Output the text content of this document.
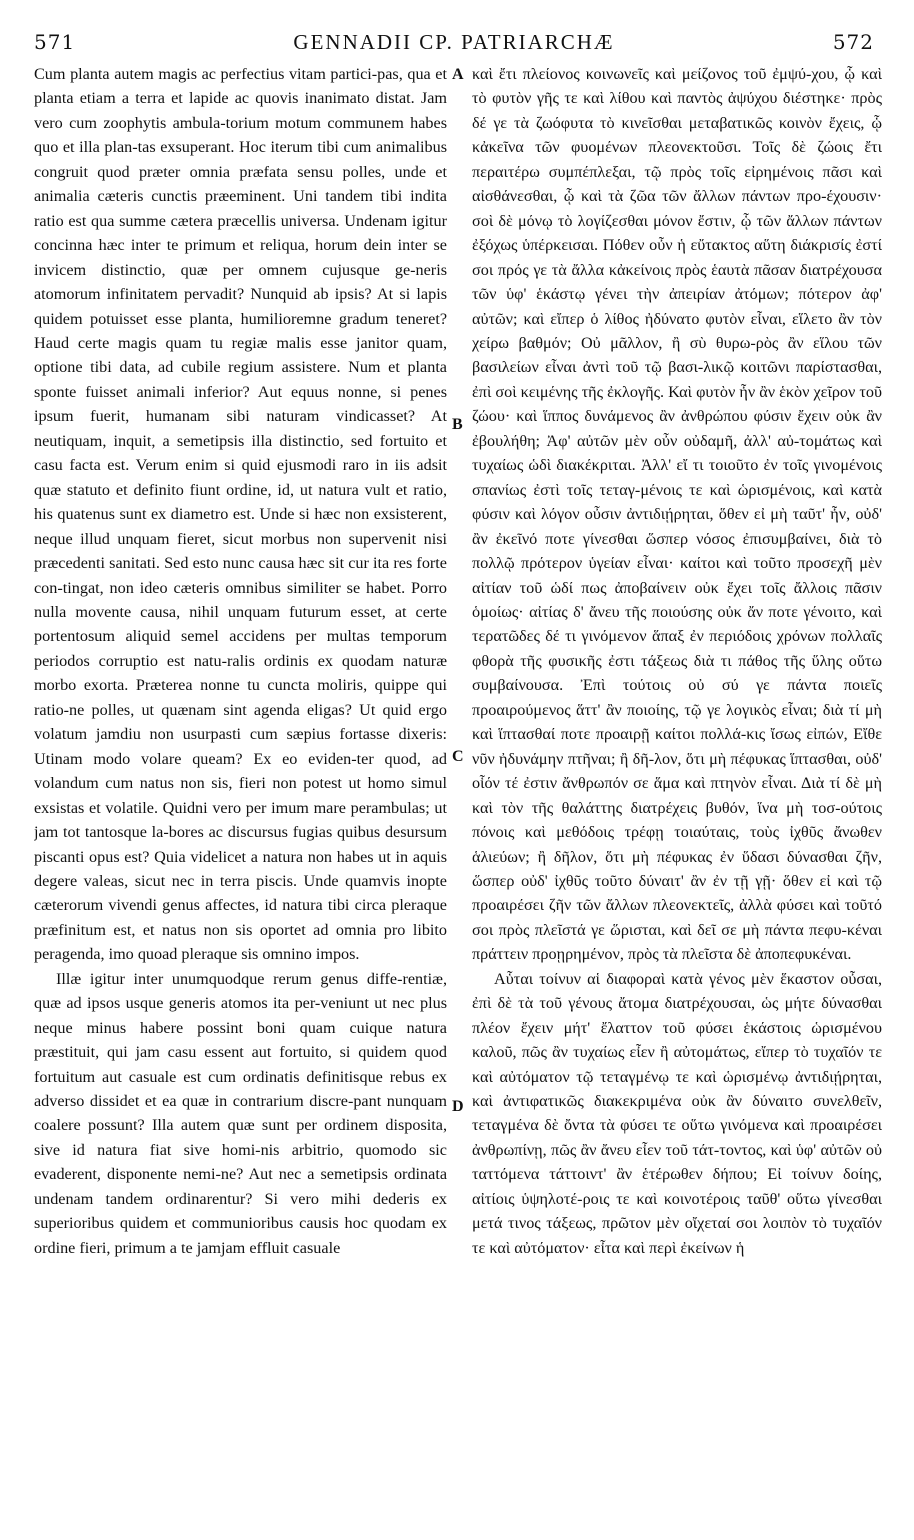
571	GENNADII CP. PATRIARCHÆ	572

Cum planta autem magis ac perfectius vitam partici-pas, qua et planta etiam a terra et lapide ac quovis inanimato distat. Jam vero cum zoophytis ambula-torium motum communem habes quo et illa plan-tas exsuperant. Hoc iterum tibi cum animalibus congruit quod præter omnia præfata sensu polles, unde et animalia cæteris cunctis præeminent. Uni tandem tibi indita ratio est qua summe cætera præcellis universa. Undenam igitur concinna hæc inter te primum et reliqua, horum dein inter se invicem distinctio, quæ per omnem cujusque ge-neris atomorum infinitatem pervadit? Nunquid ab ipsis? At si lapis quidem potuisset esse planta, humilioremne gradum teneret? Haud certe magis quam tu regiæ malis esse janitor quam, optione tibi data, ad cubile regium assistere. Num et planta sponte fuisset animali inferior? Aut equus nonne, si penes ipsum fuerit, humanam sibi naturam vindicasset? At neutiquam, inquit, a semetipsis illa distinctio, sed fortuito et casu facta est. Verum enim si quid ejusmodi raro in iis adsit quæ statuto et definito fiunt ordine, id, ut natura vult et ratio, his quatenus sunt ex diametro est. Unde si hæc non exsisterent, neque illud unquam fieret, sicut morbus non supervenit nisi præcedenti sanitati. Sed esto nunc causa hæc sit cur ita res forte con-tingat, non ideo cæteris omnibus similiter se habet. Porro nulla movente causa, nihil unquam futurum esset, at certe portentosum aliquid semel accidens per multas temporum periodos corruptio est natu-ralis ordinis ex quodam naturæ morbo exorta. Præterea nonne tu cuncta moliris, quippe qui ratio-ne polles, ut quænam sint agenda eligas? Ut quid ergo volatum jamdiu non usurpasti cum sæpius fortasse dixeris: Utinam modo volare queam? Ex eo eviden-ter quod, ad volandum cum natus non sis, fieri non potest ut homo simul exsistas et volatile. Quidni vero per imum mare perambulas; ut jam tot tantosque la-bores ac discursus fugias quibus desursum piscanti opus est? Quia videlicet a natura non habes ut in aquis degere valeas, sicut nec in terra piscis. Unde quamvis inopte cæterorum vivendi genus affectes, id natura tibi circa pleraque præfinitum est, et natus non sis oportet ad omnia pro libito peragenda, imo quoad pleraque sis omnino impos.

Illæ igitur inter unumquodque rerum genus diffe-rentiæ, quæ ad ipsos usque generis atomos ita per-veniunt ut nec plus neque minus habere possint boni quam cuique natura præstituit, qui jam casu essent aut fortuito, si quidem quod fortuitum aut casuale est cum ordinatis definitisque rebus ex adverso dissidet et ea quæ in contrarium discre-pant nunquam coalere possunt? Illa autem quæ sunt per ordinem disposita, sive id natura fiat sive homi-nis arbitrio, quomodo sic evaderent, disponente nemi-ne? Aut nec a semetipsis ordinata undenam tandem ordinarentur? Si vero mihi dederis ex superioribus quidem et communioribus causis hoc quodam ex ordine fieri, primum a te jamjam effluit casuale

καὶ ἔτι πλείονος κοινωνεῖς καὶ μείζονος τοῦ ἐμψύ-χου, ᾧ καὶ τὸ φυτὸν γῆς τε καὶ λίθου καὶ παντὸς ἀψύχου διέστηκε· πρὸς δέ γε τὰ ζωόφυτα τὸ κινεῖσθαι μεταβατικῶς κοινὸν ἔχεις, ᾧ κἀκεῖνα τῶν φυομένων πλεονεκτοῦσι. Τοῖς δὲ ζώοις ἔτι περαιτέρω συμπέπλεξαι, τῷ πρὸς τοῖς εἰρημένοις πᾶσι καὶ αἰσθάνεσθαι, ᾧ καὶ τὰ ζῶα τῶν ἄλλων πάντων προ-έχουσιν· σοὶ δὲ μόνῳ τὸ λογίζεσθαι μόνον ἔστιν, ᾧ τῶν ἄλλων πάντων ἐξόχως ὑπέρκεισαι. Πόθεν οὖν ἡ εὔτακτος αὕτη διάκρισίς ἐστί σοι πρός γε τὰ ἄλλα κἀκείνοις πρὸς ἑαυτὰ πᾶσαν διατρέχουσα τῶν ὑφ' ἑκάστῳ γένει τὴν ἀπειρίαν ἀτόμων; πότερον ἀφ' αὐτῶν; καὶ εἴπερ ὁ λίθος ἠδύνατο φυτὸν εἶναι, εἵλετο ἂν τὸν χείρω βαθμόν; Οὐ μᾶλλον, ἢ σὺ θυρω-ρὸς ἂν εἵλου τῶν βασιλείων εἶναι ἀντὶ τοῦ τῷ βασι-λικῷ κοιτῶνι παρίστασθαι, ἐπὶ σοὶ κειμένης τῆς ἐκλογῆς. Καὶ φυτὸν ἦν ἂν ἑκὸν χεῖρον τοῦ ζώου· καὶ ἵππος δυνάμενος ἂν ἀνθρώπου φύσιν ἔχειν οὐκ ἂν ἐβουλήθη; Ἀφ' αὐτῶν μὲν οὖν οὐδαμῆ, ἀλλ' αὐ-τομάτως καὶ τυχαίως ὡδὶ διακέκριται. Ἀλλ' εἴ τι τοιοῦτο ἐν τοῖς γινομένοις σπανίως ἐστὶ τοῖς τεταγ-μένοις τε καὶ ὡρισμένοις, καὶ κατὰ φύσιν καὶ λόγον οὖσιν ἀντιδιῄρηται, ὅθεν εἰ μὴ ταῦτ' ἦν, οὐδ' ἂν ἐκεῖνό ποτε γίνεσθαι ὥσπερ νόσος ἐπισυμβαίνει, διὰ τὸ πολλῷ πρότερον ὑγείαν εἶναι· καίτοι καὶ τοῦτο προσεχῆ μὲν αἰτίαν τοῦ ὡδί πως ἀποβαίνειν οὐκ ἔχει τοῖς ἄλλοις πᾶσιν ὁμοίως· αἰτίας δ' ἄνευ τῆς ποιούσης οὐκ ἄν ποτε γένοιτο, καὶ τερατῶδες δέ τι γινόμενον ἅπαξ ἐν περιόδοις χρόνων πολλαῖς φθορὰ τῆς φυσικῆς ἐστι τάξεως διὰ τι πάθος τῆς ὕλης οὕτω συμβαίνουσα. Ἐπὶ τούτοις οὐ σύ γε πάντα ποιεῖς προαιρούμενος ἅττ' ἂν ποιοίης, τῷ γε λογικὸς εἶναι; διὰ τί μὴ καὶ ἵπτασθαί ποτε προαιρῇ καίτοι πολλά-κις ἴσως εἰπών, Εἴθε νῦν ἠδυνάμην πτῆναι; ἢ δῆ-λον, ὅτι μὴ πέφυκας ἵπτασθαι, οὐδ' οἷόν τέ ἐστιν ἄνθρωπόν σε ἅμα καὶ πτηνὸν εἶναι. Διὰ τί δὲ μὴ καὶ τὸν τῆς θαλάττης διατρέχεις βυθόν, ἵνα μὴ τοσ-ούτοις πόνοις καὶ μεθόδοις τρέφῃ τοιαύταις, τοὺς ἰχθῦς ἄνωθεν ἁλιεύων; ἢ δῆλον, ὅτι μὴ πέφυκας ἐν ὕδασι δύνασθαι ζῆν, ὥσπερ οὐδ' ἰχθῦς τοῦτο δύναιτ' ἂν ἐν τῇ γῇ· ὅθεν εἰ καὶ τῷ προαιρέσει ζῆν τῶν ἄλλων πλεονεκτεῖς, ἀλλὰ φύσει καὶ τοῦτό σοι πρὸς πλεῖστά γε ὥρισται, καὶ δεῖ σε μὴ πάντα πεφυ-κέναι πράττειν προῃρημένον, πρὸς τὰ πλεῖστα δὲ ἀποπεφυκέναι.

Αὗται τοίνυν αἱ διαφοραὶ κατὰ γένος μὲν ἕκαστον οὖσαι, ἐπὶ δὲ τὰ τοῦ γένους ἄτομα διατρέχουσαι, ὡς μήτε δύνασθαι πλέον ἔχειν μήτ' ἔλαττον τοῦ φύσει ἑκάστοις ὡρισμένου καλοῦ, πῶς ἂν τυχαίως εἶεν ἢ αὐτομάτως, εἴπερ τὸ τυχαῖόν τε καὶ αὐτόματον τῷ τεταγμένῳ τε καὶ ὡρισμένῳ ἀντιδιῄρηται, καὶ ἀντιφατικῶς διακεκριμένα οὐκ ἂν δύναιτο συνελθεῖν, τεταγμένα δὲ ὄντα τὰ φύσει τε οὕτω γινόμενα καὶ προαιρέσει ἀνθρωπίνῃ, πῶς ἂν ἄνευ εἶεν τοῦ τάτ-τοντος, καὶ ὑφ' αὐτῶν οὐ ταττόμενα τάττοιντ' ἂν ἑτέρωθεν δήπου; Εἰ τοίνυν δοίης, αἰτίοις ὑψηλοτέ-ροις τε καὶ κοινοτέροις ταῦθ' οὕτω γίνεσθαι μετά τινος τάξεως, πρῶτον μὲν οἴχεταί σοι λοιπὸν τὸ τυχαῖόν τε καὶ αὐτόματον· εἶτα καὶ περὶ ἐκείνων ἡ

A
B
C
D
